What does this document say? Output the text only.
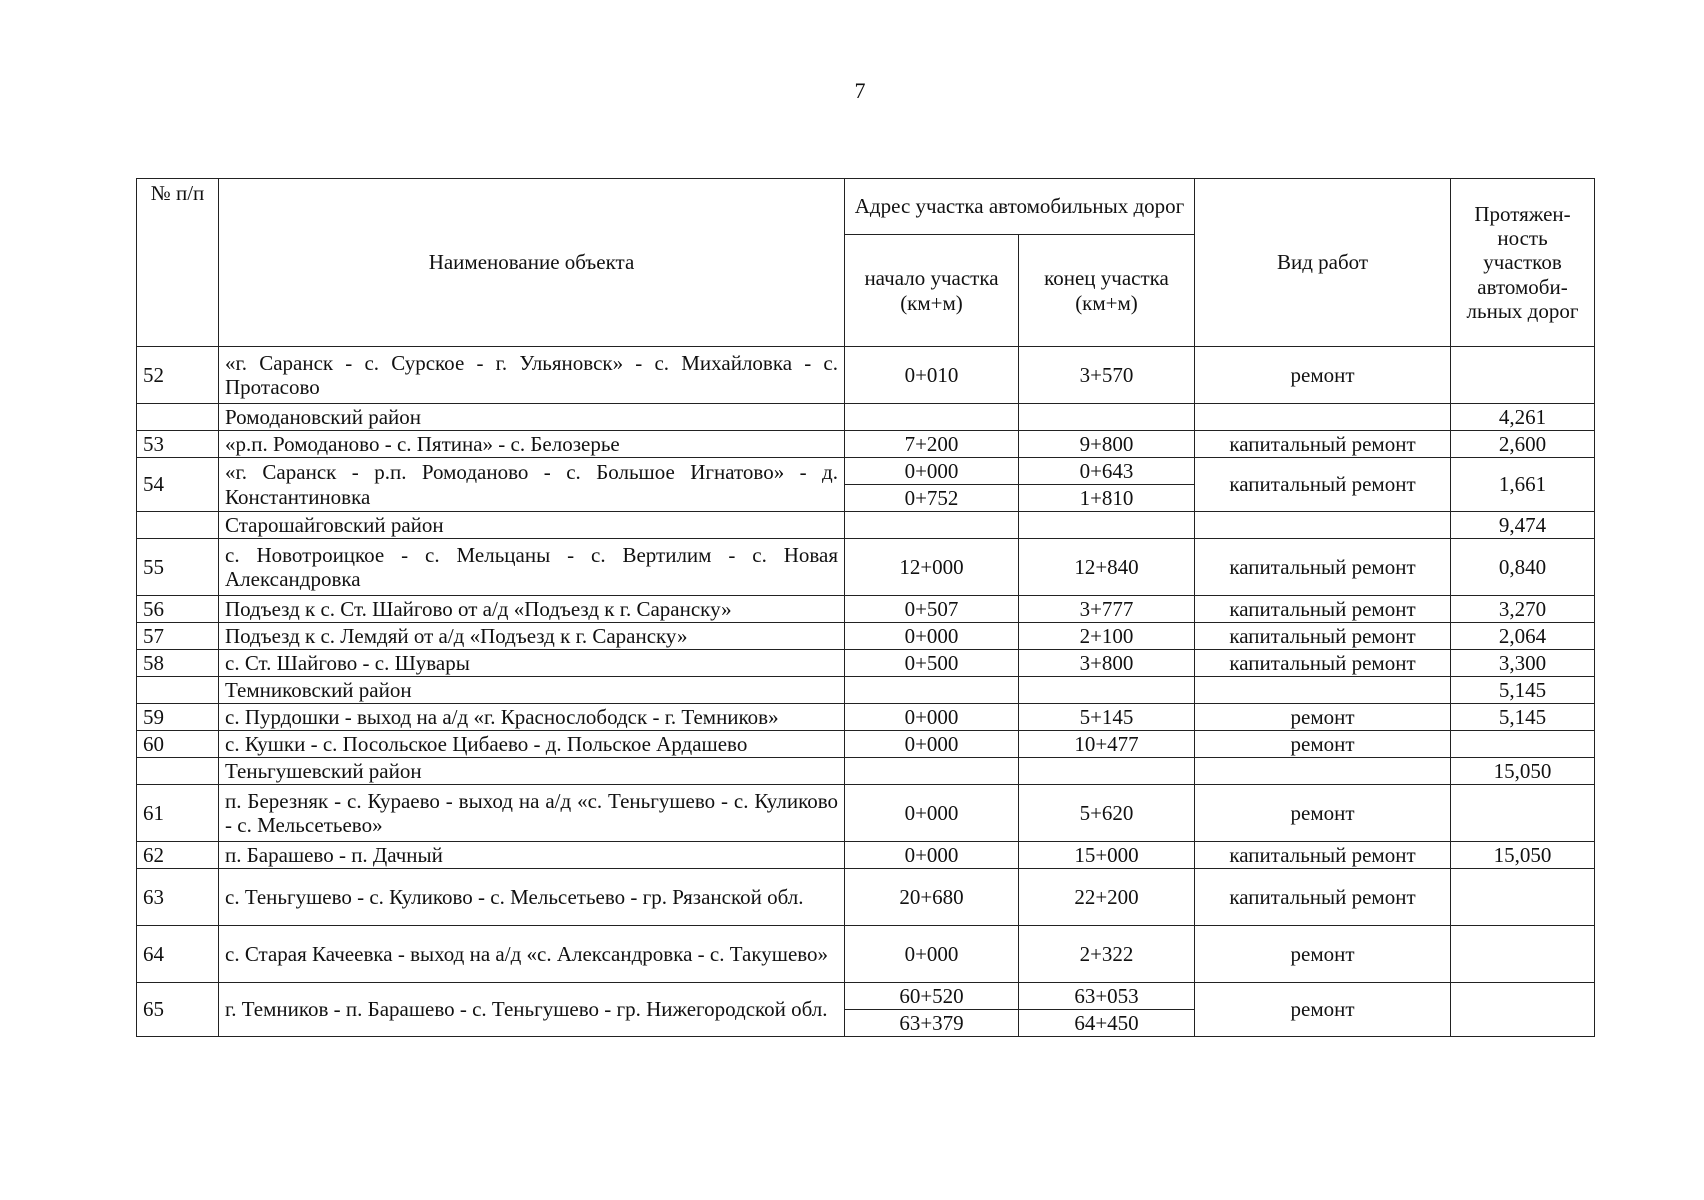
7
№ п/п	Наименование объекта	Адрес участка автомобильных дорог		Вид работ	Протяжен-ность участков автомоби-льных дорог
		начало участка (км+м)	конец участка (км+м)		
52	«г. Саранск - с. Сурское - г. Ульяновск» - с. Михайловка - с. Протасово	0+010	3+570	ремонт	
	Ромодановский район				4,261
53	«р.п. Ромоданово - с. Пятина» - с. Белозерье	7+200	9+800	капитальный ремонт	2,600
54	«г. Саранск - р.п. Ромоданово - с. Большое Игнатово» - д. Константиновка	0+000	0+643	капитальный ремонт	1,661
		0+752	1+810		
	Старошайговский район				9,474
55	с. Новотроицкое - с. Мельцаны - с. Вертилим - с. Новая Александровка	12+000	12+840	капитальный ремонт	0,840
56	Подъезд к с. Ст. Шайгово от а/д «Подъезд к г. Саранску»	0+507	3+777	капитальный ремонт	3,270
57	Подъезд к с. Лемдяй от а/д «Подъезд к г. Саранску»	0+000	2+100	капитальный ремонт	2,064
58	с. Ст. Шайгово - с. Шувары	0+500	3+800	капитальный ремонт	3,300
	Темниковский район				5,145
59	с. Пурдошки - выход на а/д «г. Краснослободск - г. Темников»	0+000	5+145	ремонт	5,145
60	с. Кушки - с. Посольское Цибаево - д. Польское Ардашево	0+000	10+477	ремонт	
	Теньгушевский район				15,050
61	п. Березняк - с. Кураево - выход на а/д «с. Теньгушево - с. Куликово - с. Мельсетьево»	0+000	5+620	ремонт	
62	п. Барашево - п. Дачный	0+000	15+000	капитальный ремонт	15,050
63	с. Теньгушево - с. Куликово - с. Мельсетьево - гр. Рязанской обл.	20+680	22+200	капитальный ремонт	
64	с. Старая Качеевка - выход на а/д «с. Александровка - с. Такушево»	0+000	2+322	ремонт	
65	г. Темников - п. Барашево - с. Теньгушево - гр. Нижегородской обл.	60+520	63+053	ремонт	
		63+379	64+450		
